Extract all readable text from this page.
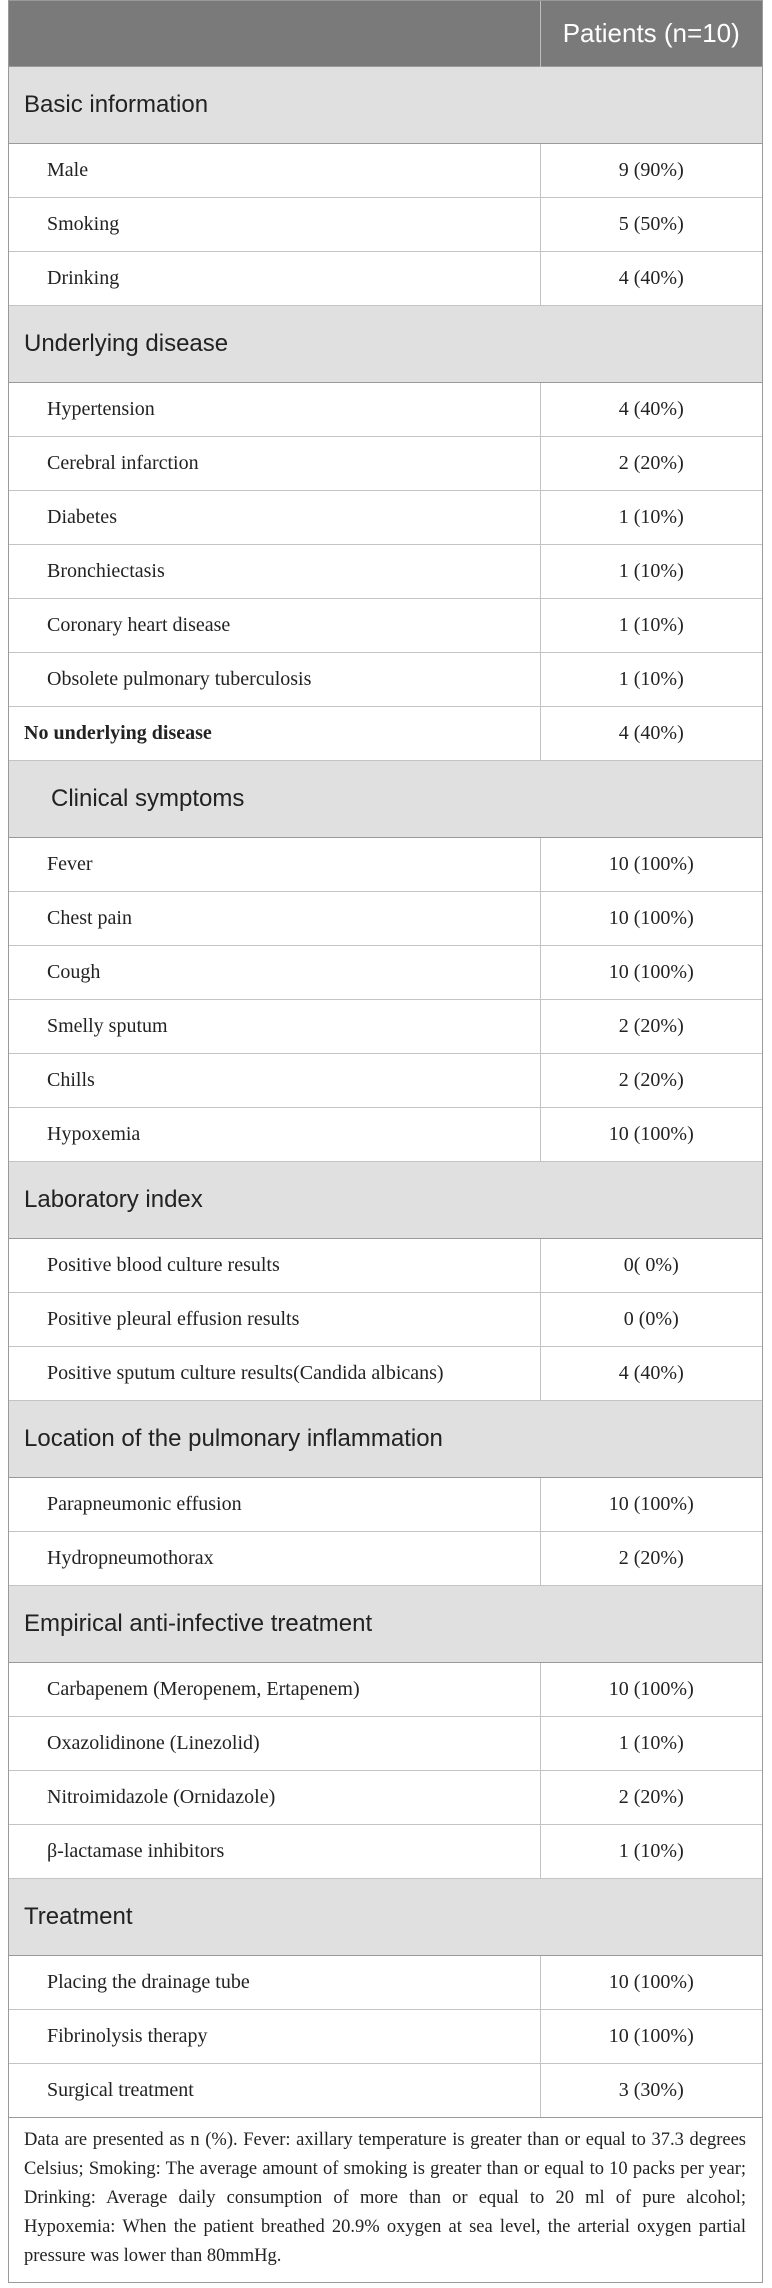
	Patients (n=10)
Basic information	
Male	9 (90%)
Smoking	5 (50%)
Drinking	4 (40%)
Underlying disease	
Hypertension	4 (40%)
Cerebral infarction	2 (20%)
Diabetes	1 (10%)
Bronchiectasis	1 (10%)
Coronary heart disease	1 (10%)
Obsolete pulmonary tuberculosis	1 (10%)
No underlying disease	4 (40%)
Clinical symptoms	
Fever	10 (100%)
Chest pain	10 (100%)
Cough	10 (100%)
Smelly sputum	2 (20%)
Chills	2 (20%)
Hypoxemia	10 (100%)
Laboratory index	
Positive blood culture results	0( 0%)
Positive pleural effusion results	0 (0%)
Positive sputum culture results(Candida albicans)	4 (40%)
Location of the pulmonary inflammation	
Parapneumonic effusion	10 (100%)
Hydropneumothorax	2 (20%)
Empirical anti-infective treatment	
Carbapenem (Meropenem, Ertapenem)	10 (100%)
Oxazolidinone (Linezolid)	1 (10%)
Nitroimidazole (Ornidazole)	2 (20%)
β-lactamase inhibitors	1 (10%)
Treatment	
Placing the drainage tube	10 (100%)
Fibrinolysis therapy	10 (100%)
Surgical treatment	3 (30%)
Data are presented as n (%). Fever: axillary temperature is greater than or equal to 37.3 degrees Celsius; Smoking: The average amount of smoking is greater than or equal to 10 packs per year; Drinking: Average daily consumption of more than or equal to 20 ml of pure alcohol; Hypoxemia: When the patient breathed 20.9% oxygen at sea level, the arterial oxygen partial pressure was lower than 80mmHg.	
